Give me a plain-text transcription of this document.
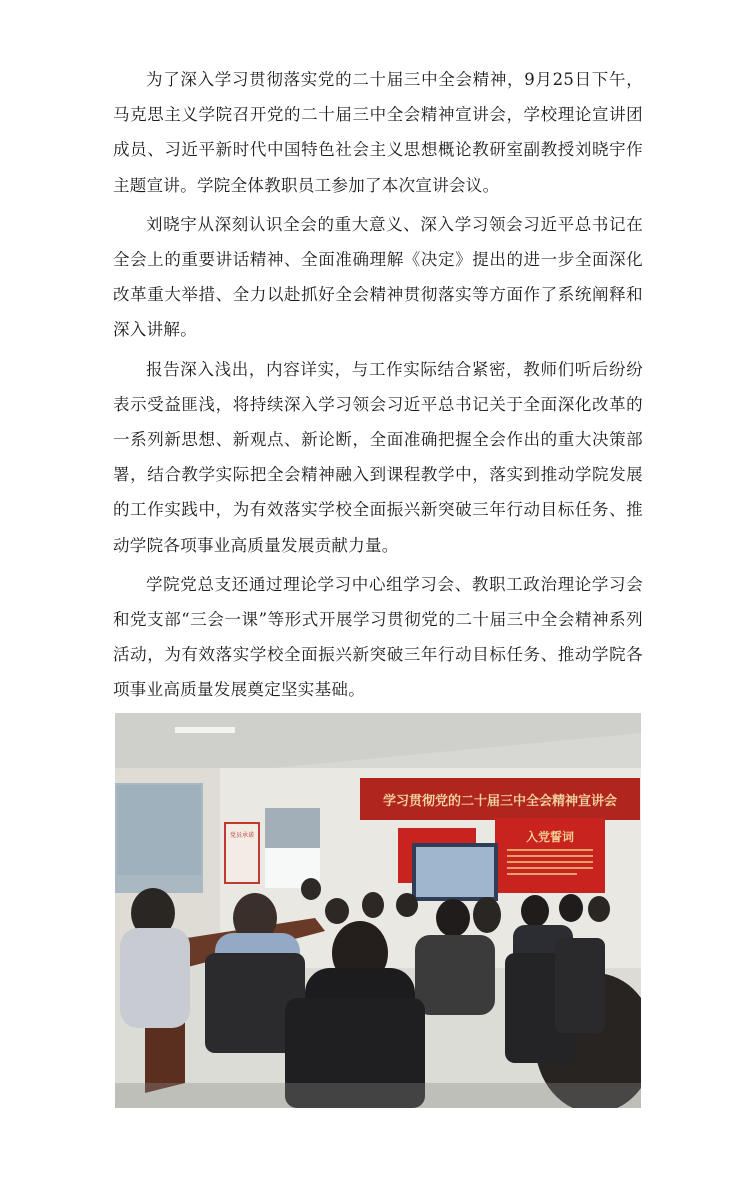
为了深入学习贯彻落实党的二十届三中全会精神，9月25日下午，马克思主义学院召开党的二十届三中全会精神宣讲会，学校理论宣讲团成员、习近平新时代中国特色社会主义思想概论教研室副教授刘晓宇作主题宣讲。学院全体教职员工参加了本次宣讲会议。

刘晓宇从深刻认识全会的重大意义、深入学习领会习近平总书记在全会上的重要讲话精神、全面准确理解《决定》提出的进一步全面深化改革重大举措、全力以赴抓好全会精神贯彻落实等方面作了系统阐释和深入讲解。

报告深入浅出，内容详实，与工作实际结合紧密，教师们听后纷纷表示受益匪浅，将持续深入学习领会习近平总书记关于全面深化改革的一系列新思想、新观点、新论断，全面准确把握全会作出的重大决策部署，结合教学实际把全会精神融入到课程教学中，落实到推动学院发展的工作实践中，为有效落实学校全面振兴新突破三年行动目标任务、推动学院各项事业高质量发展贡献力量。

学院党总支还通过理论学习中心组学习会、教职工政治理论学习会和党支部“三会一课”等形式开展学习贯彻党的二十届三中全会精神系列活动，为有效落实学校全面振兴新突破三年行动目标任务、推动学院各项事业高质量发展奠定坚实基础。

党员承诺
学习贯彻党的二十届三中全会精神宣讲会
入党誓词
